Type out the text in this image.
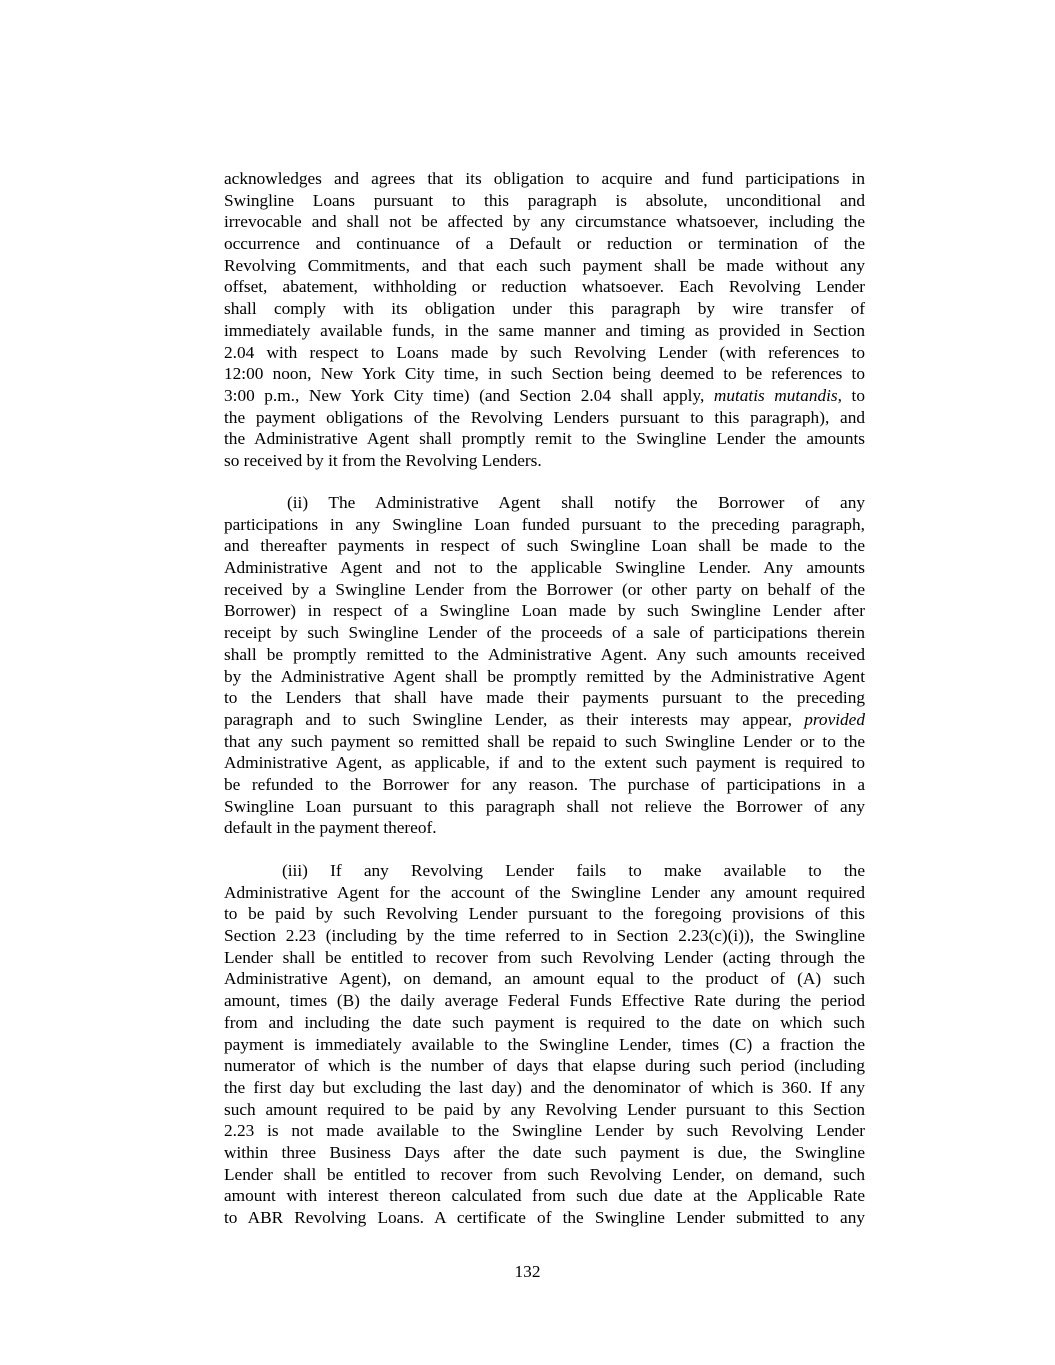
acknowledges and agrees that its obligation to acquire and fund participations in
Swingline Loans pursuant to this paragraph is absolute, unconditional and
irrevocable and shall not be affected by any circumstance whatsoever, including the
occurrence and continuance of a Default or reduction or termination of the
Revolving Commitments, and that each such payment shall be made without any
offset, abatement, withholding or reduction whatsoever. Each Revolving Lender
shall comply with its obligation under this paragraph by wire transfer of
immediately available funds, in the same manner and timing as provided in Section
2.04 with respect to Loans made by such Revolving Lender (with references to
12:00 noon, New York City time, in such Section being deemed to be references to
3:00 p.m., New York City time) (and Section 2.04 shall apply, mutatis mutandis, to
the payment obligations of the Revolving Lenders pursuant to this paragraph), and
the Administrative Agent shall promptly remit to the Swingline Lender the amounts
so received by it from the Revolving Lenders.
(ii) The Administrative Agent shall notify the Borrower of any
participations in any Swingline Loan funded pursuant to the preceding paragraph,
and thereafter payments in respect of such Swingline Loan shall be made to the
Administrative Agent and not to the applicable Swingline Lender. Any amounts
received by a Swingline Lender from the Borrower (or other party on behalf of the
Borrower) in respect of a Swingline Loan made by such Swingline Lender after
receipt by such Swingline Lender of the proceeds of a sale of participations therein
shall be promptly remitted to the Administrative Agent. Any such amounts received
by the Administrative Agent shall be promptly remitted by the Administrative Agent
to the Lenders that shall have made their payments pursuant to the preceding
paragraph and to such Swingline Lender, as their interests may appear, provided
that any such payment so remitted shall be repaid to such Swingline Lender or to the
Administrative Agent, as applicable, if and to the extent such payment is required to
be refunded to the Borrower for any reason. The purchase of participations in a
Swingline Loan pursuant to this paragraph shall not relieve the Borrower of any
default in the payment thereof.
(iii) If any Revolving Lender fails to make available to the
Administrative Agent for the account of the Swingline Lender any amount required
to be paid by such Revolving Lender pursuant to the foregoing provisions of this
Section 2.23 (including by the time referred to in Section 2.23(c)(i)), the Swingline
Lender shall be entitled to recover from such Revolving Lender (acting through the
Administrative Agent), on demand, an amount equal to the product of (A) such
amount, times (B) the daily average Federal Funds Effective Rate during the period
from and including the date such payment is required to the date on which such
payment is immediately available to the Swingline Lender, times (C) a fraction the
numerator of which is the number of days that elapse during such period (including
the first day but excluding the last day) and the denominator of which is 360. If any
such amount required to be paid by any Revolving Lender pursuant to this Section
2.23 is not made available to the Swingline Lender by such Revolving Lender
within three Business Days after the date such payment is due, the Swingline
Lender shall be entitled to recover from such Revolving Lender, on demand, such
amount with interest thereon calculated from such due date at the Applicable Rate
to ABR Revolving Loans. A certificate of the Swingline Lender submitted to any
132
